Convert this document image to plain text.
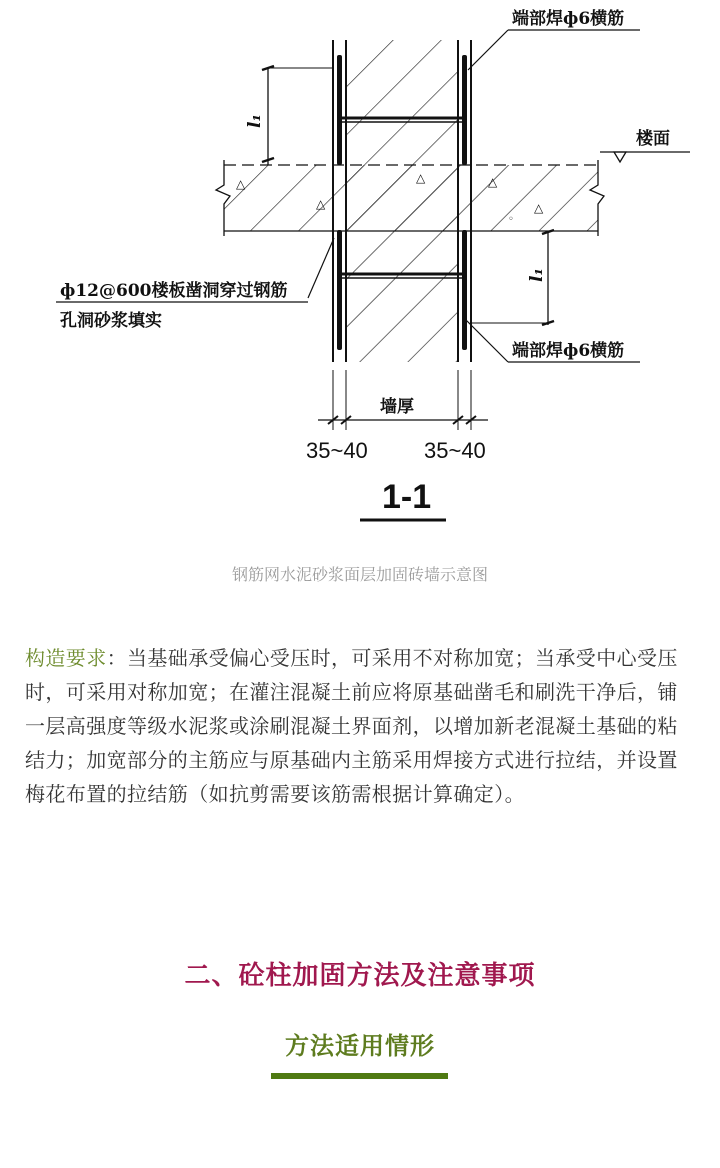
△
△
△	△
△
◦
l₁
l₁
楼面
端部焊ф6横筋
端部焊ф6横筋
ф12@600楼板凿洞穿过钢筋
孔洞砂浆填实
墙厚
35~40	35~40
1-1
钢筋网水泥砂浆面层加固砖墙示意图
构造要求：当基础承受偏心受压时，可采用不对称加宽；当承受中心受压时，可采用对称加宽；在灌注混凝土前应将原基础凿毛和刷洗干净后，铺一层高强度等级水泥浆或涂刷混凝土界面剂，以增加新老混凝土基础的粘结力；加宽部分的主筋应与原基础内主筋采用焊接方式进行拉结，并设置梅花布置的拉结筋（如抗剪需要该筋需根据计算确定）。
二、砼柱加固方法及注意事项
方法适用情形
